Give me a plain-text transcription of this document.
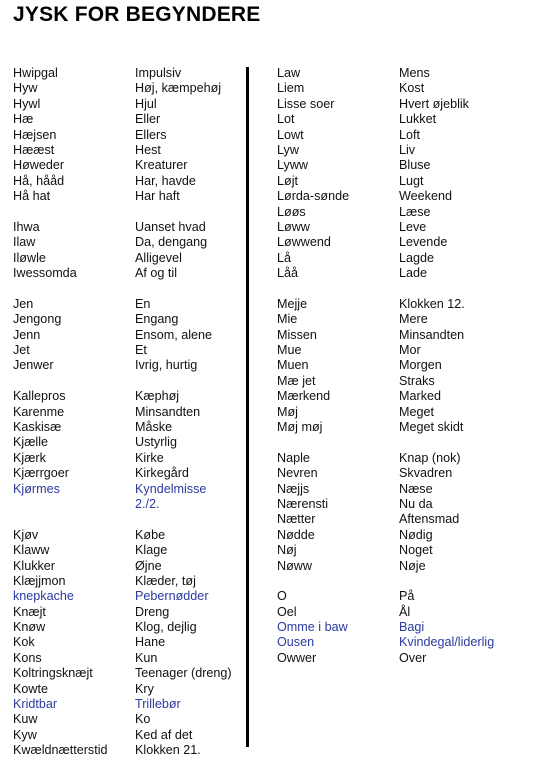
JYSK FOR BEGYNDERE
Hwipgal	Impulsiv
Hyw	Høj, kæmpehøj
Hywl	Hjul
Hæ	Eller
Hæjsen	Ellers
Hææst	Hest
Høweder	Kreaturer
Hå, hååd	Har, havde
Hå hat	Har haft
Ihwa	Uanset hvad
Ilaw	Da, dengang
Iløwle	Alligevel
Iwessomda	Af og til
Jen	En
Jengong	Engang
Jenn	Ensom, alene
Jet	Et
Jenwer	Ivrig, hurtig
Kallepros	Kæphøj
Karenme	Minsandten
Kaskisæ	Måske
Kjælle	Ustyrlig
Kjærk	Kirke
Kjærrgoer	Kirkegård
Kjørmes	Kyndelmisse
2./2.
Kjøv	Købe
Klaww	Klage
Klukker	Øjne
Klæjjmon	Klæder, tøj
knepkache	Pebernødder
Knæjt	Dreng
Knøw	Klog, dejlig
Kok	Hane
Kons	Kun
Koltringsknæjt	Teenager (dreng)
Kowte	Kry
Kridtbar	Trillebør
Kuw	Ko
Kyw	Ked af det
Kwældnætterstid Klokken 21.
Law	Mens
Liem	Kost
Lisse soer	Hvert øjeblik
Lot	Lukket
Lowt	Loft
Lyw	Liv
Lyww	Bluse
Løjt	Lugt
Lørda-sønde	Weekend
Løøs	Læse
Løww	Leve
Løwwend	Levende
Lå	Lagde
Låå	Lade
Mejje	Klokken 12.
Mie	Mere
Missen	Minsandten
Mue	Mor
Muen	Morgen
Mæ jet	Straks
Mærkend	Marked
Møj	Meget
Møj møj	Meget skidt
Naple	Knap (nok)
Nevren	Skvadren
Næjjs	Næse
Nærensti	Nu da
Nætter	Aftensmad
Nødde	Nødig
Nøj	Noget
Nøww	Nøje
O	På
Oel	Ål
Omme i baw	Bagi
Ousen	Kvindegal/liderlig
Owwer	Over
